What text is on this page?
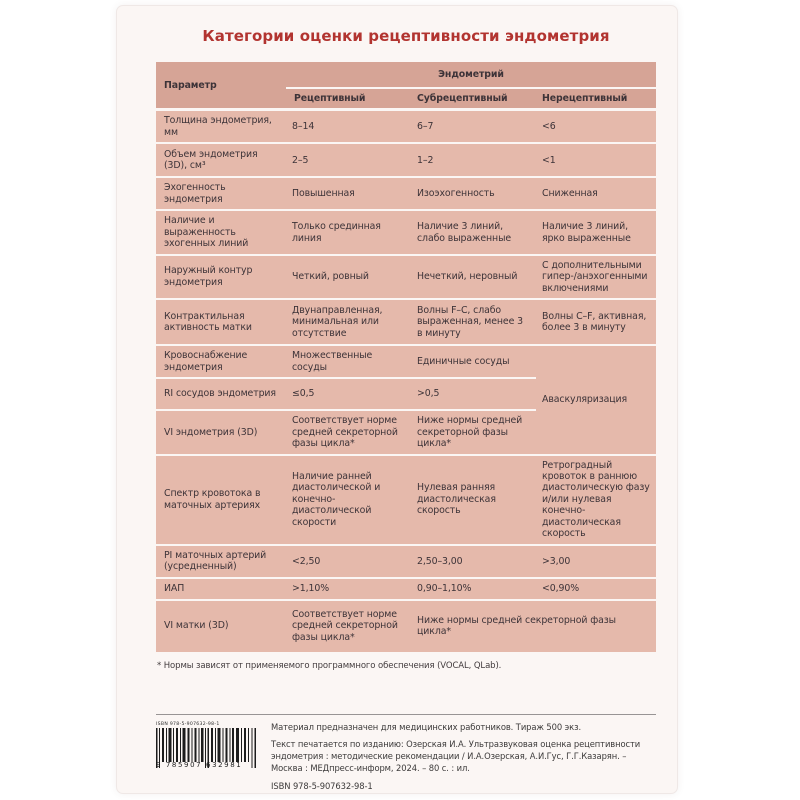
Категории оценки рецептивности эндометрия
Параметр	Эндометрий		
	Рецептивный	Субрецептивный	Нерецептивный
Толщина эндометрия, мм	8–14	6–7	<6
Объем эндометрия (3D), см³	2–5	1–2	<1
Эхогенность эндометрия	Повышенная	Изоэхогенность	Сниженная
Наличие и выраженность эхогенных линий	Только срединная линия	Наличие 3 линий, слабо выраженные	Наличие 3 линий, ярко выраженные
Наружный контур эндометрия	Четкий, ровный	Нечеткий, неровный	С дополнительными гипер-/анэхогенными включениями
Контрактильная активность матки	Двунаправленная, минимальная или отсутствие	Волны F–C, слабо выраженная, менее 3 в минуту	Волны C–F, активная, более 3 в минуту
Кровоснабжение эндометрия	Множественные сосуды	Единичные сосуды	Аваскуляризация
RI сосудов эндометрия	≤0,5	>0,5	
VI эндометрия (3D)	Соответствует норме средней секреторной фазы цикла*	Ниже нормы средней секреторной фазы цикла*	
Спектр кровотока в маточных артериях	Наличие ранней диастолической и конечно-диастолической скорости	Нулевая ранняя диастолическая скорость	Ретроградный кровоток в раннюю диастолическую фазу и/или нулевая конечно-диастолическая скорость
PI маточных артерий (усредненный)	<2,50	2,50–3,00	>3,00
ИАП	>1,10%	0,90–1,10%	<0,90%
VI матки (3D)	Соответствует норме средней секреторной фазы цикла*	Ниже нормы средней секреторной фазы цикла*	

* Нормы зависят от применяемого программного обеспечения (VOCAL, QLab).

ISBN 978-5-907632-98-1
9 785907 632981

Материал предназначен для медицинских работников. Тираж 500 экз.

Текст печатается по изданию: Озерская И.А. Ультразвуковая оценка рецептивности эндометрия : методические рекомендации / И.А.Озерская, А.И.Гус, Г.Г.Казарян. – Москва : МЕДпресс-информ, 2024. – 80 с. : ил.

ISBN 978-5-907632-98-1
